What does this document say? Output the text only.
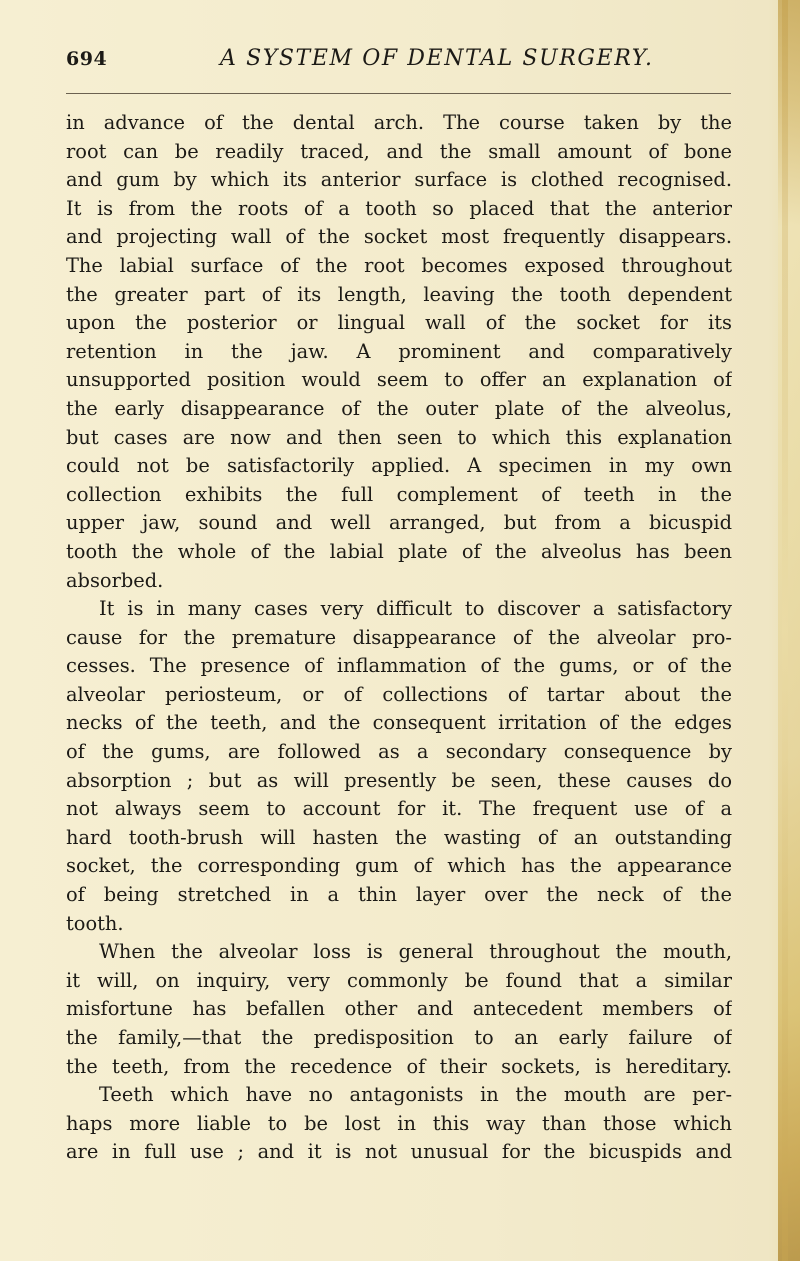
694	A SYSTEM OF DENTAL SURGERY.
in advance of the dental arch. The course taken by the
root can be readily traced, and the small amount of bone
and gum by which its anterior surface is clothed recognised.
It is from the roots of a tooth so placed that the anterior
and projecting wall of the socket most frequently disappears.
The labial surface of the root becomes exposed throughout
the greater part of its length, leaving the tooth dependent
upon the posterior or lingual wall of the socket for its
retention in the jaw. A prominent and comparatively
unsupported position would seem to offer an explanation of
the early disappearance of the outer plate of the alveolus,
but cases are now and then seen to which this explanation
could not be satisfactorily applied. A specimen in my own
collection exhibits the full complement of teeth in the
upper jaw, sound and well arranged, but from a bicuspid
tooth the whole of the labial plate of the alveolus has been
absorbed.
It is in many cases very difficult to discover a satisfactory
cause for the premature disappearance of the alveolar pro-
cesses. The presence of inflammation of the gums, or of the
alveolar periosteum, or of collections of tartar about the
necks of the teeth, and the consequent irritation of the edges
of the gums, are followed as a secondary consequence by
absorption ; but as will presently be seen, these causes do
not always seem to account for it. The frequent use of a
hard tooth-brush will hasten the wasting of an outstanding
socket, the corresponding gum of which has the appearance
of being stretched in a thin layer over the neck of the
tooth.
When the alveolar loss is general throughout the mouth,
it will, on inquiry, very commonly be found that a similar
misfortune has befallen other and antecedent members of
the family,—that the predisposition to an early failure of
the teeth, from the recedence of their sockets, is hereditary.
Teeth which have no antagonists in the mouth are per-
haps more liable to be lost in this way than those which
are in full use ; and it is not unusual for the bicuspids and
